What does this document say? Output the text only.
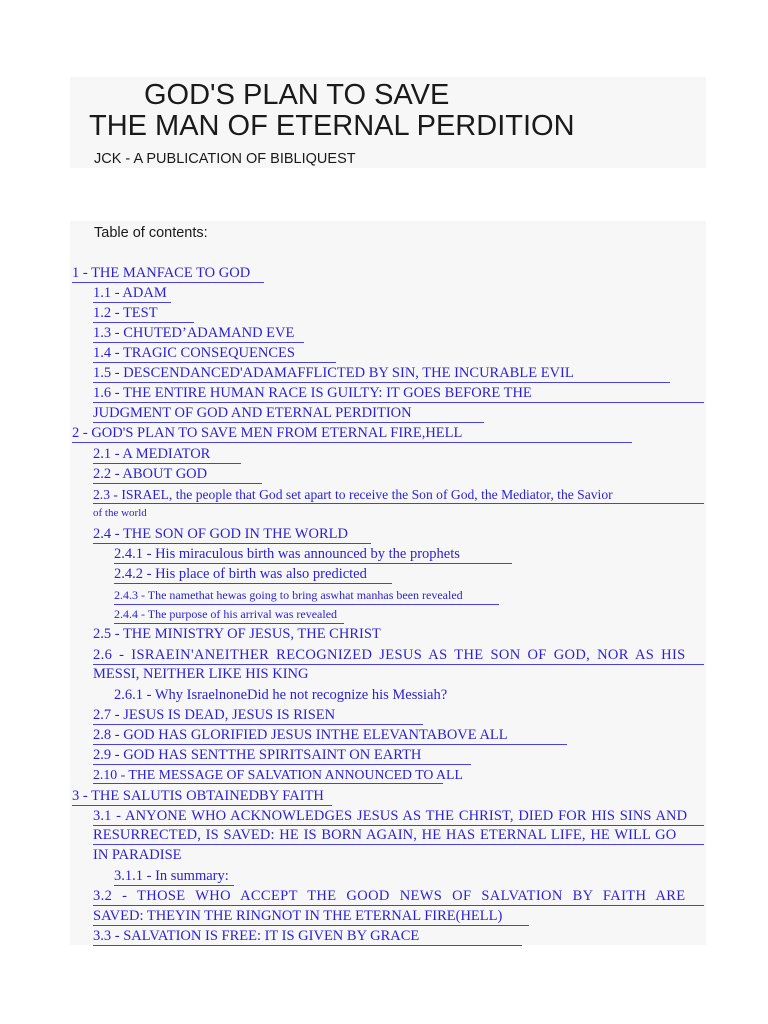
GOD'S PLAN TO SAVE
THE MAN OF ETERNAL PERDITION
JCK - A PUBLICATION OF BIBLIQUEST
Table of contents:
1 - THE MANFACE TO GOD
1.1 - ADAM
1.2 - TEST
1.3 - CHUTED’ADAMAND EVE
1.4 - TRAGIC CONSEQUENCES
1.5 - DESCENDANCED'ADAMAFFLICTED BY SIN, THE INCURABLE EVIL
1.6 - THE ENTIRE HUMAN RACE IS GUILTY: IT GOES BEFORE THE
JUDGMENT OF GOD AND ETERNAL PERDITION
2 - GOD'S PLAN TO SAVE MEN FROM ETERNAL FIRE,HELL
2.1 - A MEDIATOR
2.2 - ABOUT GOD
2.3 - ISRAEL, the people that God set apart to receive the Son of God, the Mediator, the Savior
of the world
2.4 - THE SON OF GOD IN THE WORLD
2.4.1 - His miraculous birth was announced by the prophets
2.4.2 - His place of birth was also predicted
2.4.3 - The namethat hewas going to bring aswhat manhas been revealed
2.4.4 - The purpose of his arrival was revealed
2.5 - THE MINISTRY OF JESUS, THE CHRIST
2.6 - ISRAEIN'ANEITHER RECOGNIZED JESUS AS THE SON OF GOD, NOR AS HIS
MESSI, NEITHER LIKE HIS KING
2.6.1 - Why IsraelnoneDid he not recognize his Messiah?
2.7 - JESUS IS DEAD, JESUS IS RISEN
2.8 - GOD HAS GLORIFIED JESUS INTHE ELEVANTABOVE ALL
2.9 - GOD HAS SENTTHE SPIRITSAINT ON EARTH
2.10 - THE MESSAGE OF SALVATION ANNOUNCED TO ALL
3 - THE SALUTIS OBTAINEDBY FAITH
3.1 - ANYONE WHO ACKNOWLEDGES JESUS AS THE CHRIST, DIED FOR HIS SINS AND
RESURRECTED, IS SAVED: HE IS BORN AGAIN, HE HAS ETERNAL LIFE, HE WILL GO
IN PARADISE
3.1.1 - In summary:
3.2 - THOSE WHO ACCEPT THE GOOD NEWS OF SALVATION BY FAITH ARE
SAVED: THEYIN THE RINGNOT IN THE ETERNAL FIRE(HELL)
3.3 - SALVATION IS FREE: IT IS GIVEN BY GRACE
